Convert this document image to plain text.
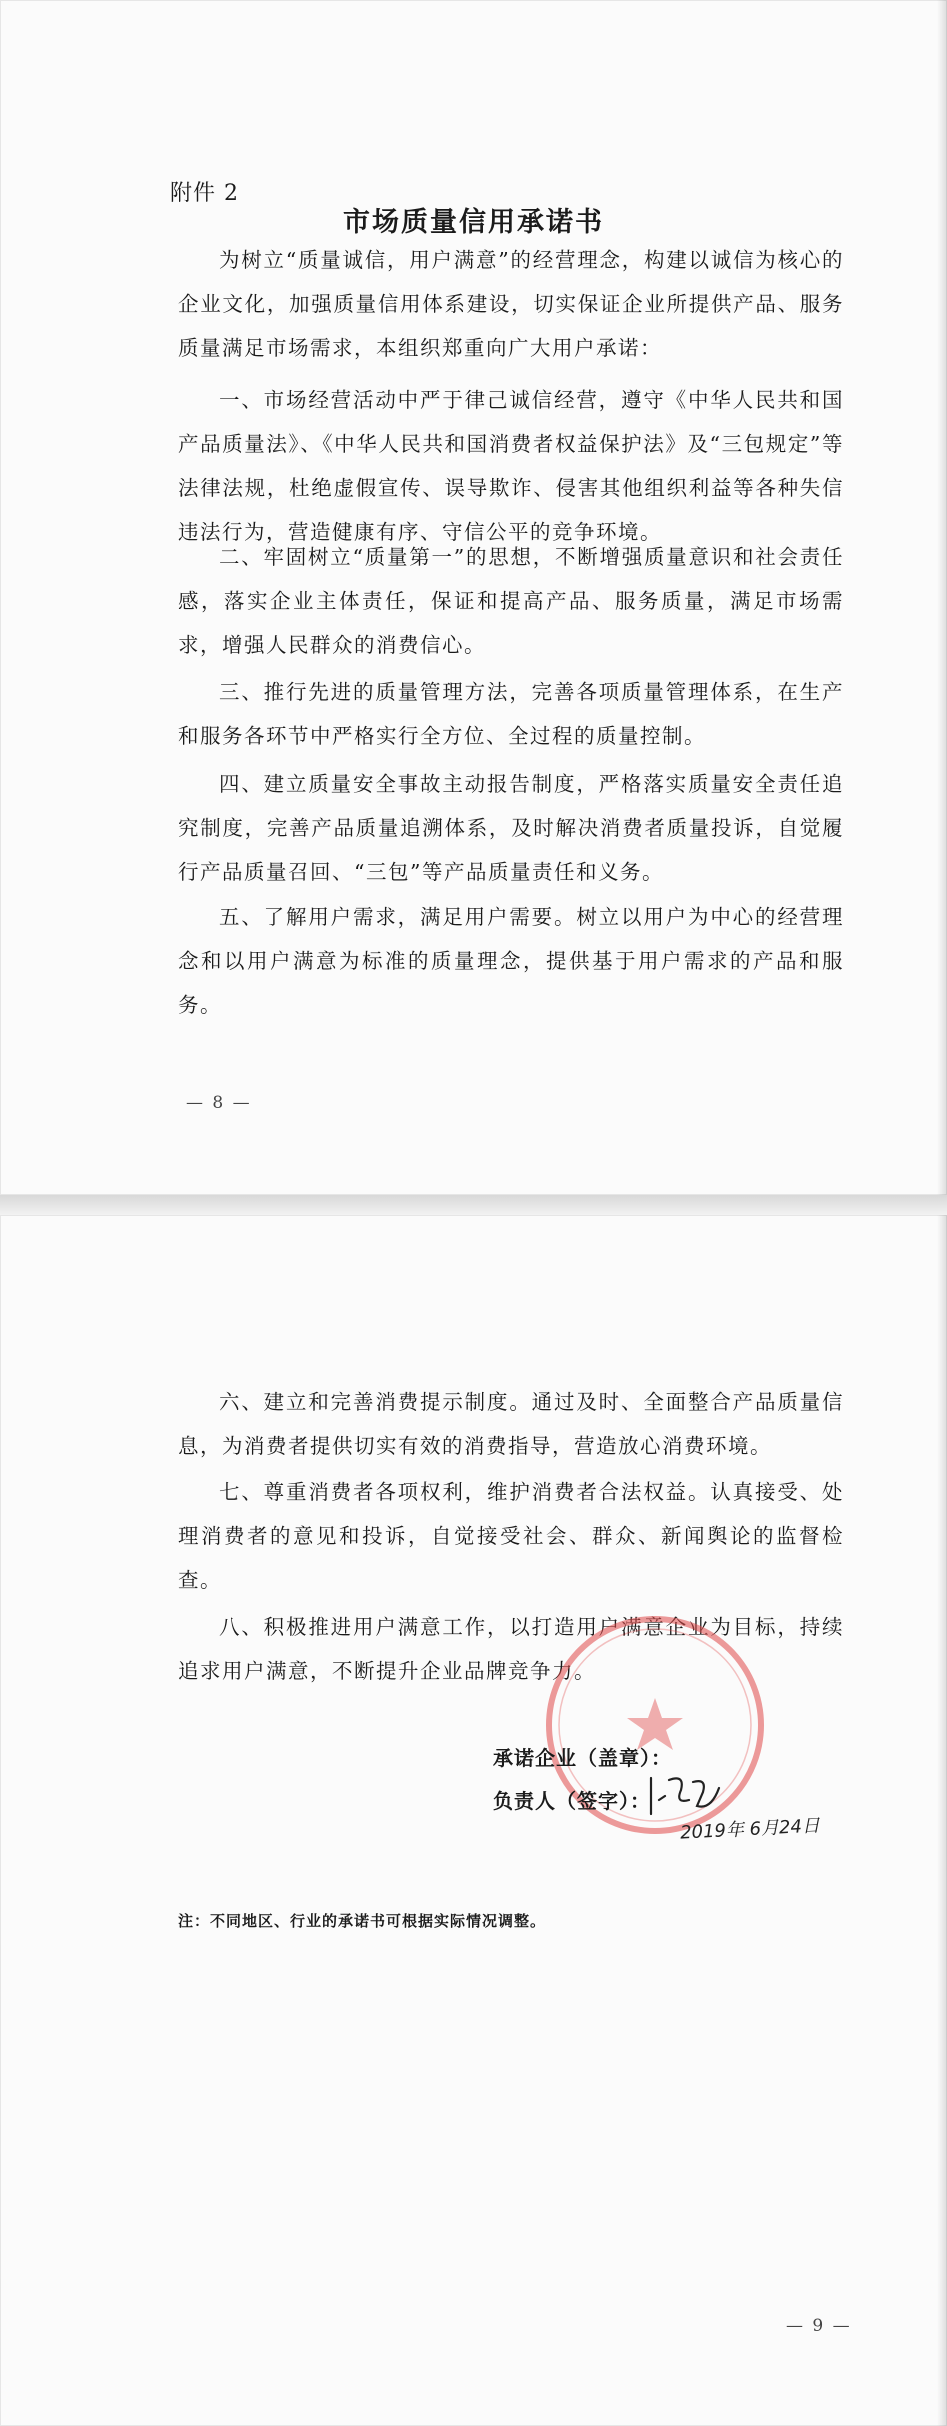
附件 2
市场质量信用承诺书
为树立“质量诚信，用户满意”的经营理念，构建以诚信为核心的企业文化，加强质量信用体系建设，切实保证企业所提供产品、服务质量满足市场需求，本组织郑重向广大用户承诺：
一、市场经营活动中严于律己诚信经营，遵守《中华人民共和国产品质量法》、《中华人民共和国消费者权益保护法》及“三包规定”等法律法规，杜绝虚假宣传、误导欺诈、侵害其他组织利益等各种失信违法行为，营造健康有序、守信公平的竞争环境。
二、牢固树立“质量第一”的思想，不断增强质量意识和社会责任感，落实企业主体责任，保证和提高产品、服务质量，满足市场需求，增强人民群众的消费信心。
三、推行先进的质量管理方法，完善各项质量管理体系，在生产和服务各环节中严格实行全方位、全过程的质量控制。
四、建立质量安全事故主动报告制度，严格落实质量安全责任追究制度，完善产品质量追溯体系，及时解决消费者质量投诉，自觉履行产品质量召回、“三包”等产品质量责任和义务。
五、了解用户需求，满足用户需要。树立以用户为中心的经营理念和以用户满意为标准的质量理念，提供基于用户需求的产品和服务。
— 8 —
六、建立和完善消费提示制度。通过及时、全面整合产品质量信息，为消费者提供切实有效的消费指导，营造放心消费环境。
七、尊重消费者各项权利，维护消费者合法权益。认真接受、处理消费者的意见和投诉，自觉接受社会、群众、新闻舆论的监督检查。
八、积极推进用户满意工作，以打造用户满意企业为目标，持续追求用户满意，不断提升企业品牌竞争力。
承诺企业（盖章）：
负责人（签字）：
2019年 6月24日
注：不同地区、行业的承诺书可根据实际情况调整。
— 9 —
